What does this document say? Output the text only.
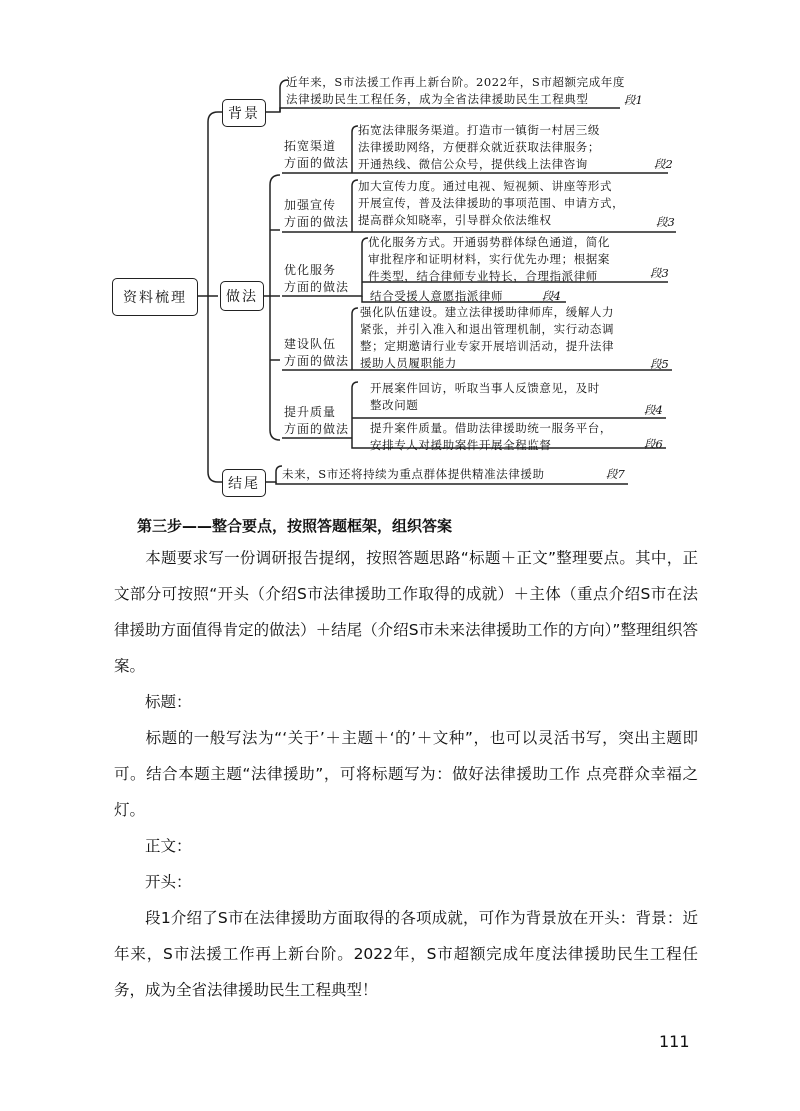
资料梳理
背景
做法
结尾
近年来，S市法援工作再上新台阶。2022年，S市超额完成年度
法律援助民生工程任务，成为全省法律援助民生工程典型	段1
拓宽渠道
方面的做法
拓宽法律服务渠道。打造市一镇街一村居三级
法律援助网络，方便群众就近获取法律服务；
开通热线、微信公众号，提供线上法律咨询	段2
加强宣传
方面的做法
加大宣传力度。通过电视、短视频、讲座等形式
开展宣传，普及法律援助的事项范围、申请方式，
提高群众知晓率，引导群众依法维权	段3
优化服务
方面的做法
优化服务方式。开通弱势群体绿色通道，简化
审批程序和证明材料，实行优先办理；根据案
件类型，结合律师专业特长，合理指派律师	段3
结合受援人意愿指派律师	段4
建设队伍
方面的做法
强化队伍建设。建立法律援助律师库，缓解人力
紧张，并引入准入和退出管理机制，实行动态调
整；定期邀请行业专家开展培训活动，提升法律
援助人员履职能力	段5
提升质量
方面的做法
开展案件回访，听取当事人反馈意见，及时
整改问题	段4
提升案件质量。借助法律援助统一服务平台，
安排专人对援助案件开展全程监督	段6
未来，S市还将持续为重点群体提供精准法律援助	段7
第三步——整合要点，按照答题框架，组织答案
本题要求写一份调研报告提纲，按照答题思路“标题＋正文”整理要点。其中，正文部分可按照“开头（介绍S市法律援助工作取得的成就）＋主体（重点介绍S市在法律援助方面值得肯定的做法）＋结尾（介绍S市未来法律援助工作的方向）”整理组织答案。
标题：
标题的一般写法为“‘关于’＋主题＋‘的’＋文种”，也可以灵活书写，突出主题即可。结合本题主题“法律援助”，可将标题写为：做好法律援助工作 点亮群众幸福之灯。
正文：
开头：
段1介绍了S市在法律援助方面取得的各项成就，可作为背景放在开头：背景：近年来，S市法援工作再上新台阶。2022年，S市超额完成年度法律援助民生工程任务，成为全省法律援助民生工程典型！
111
